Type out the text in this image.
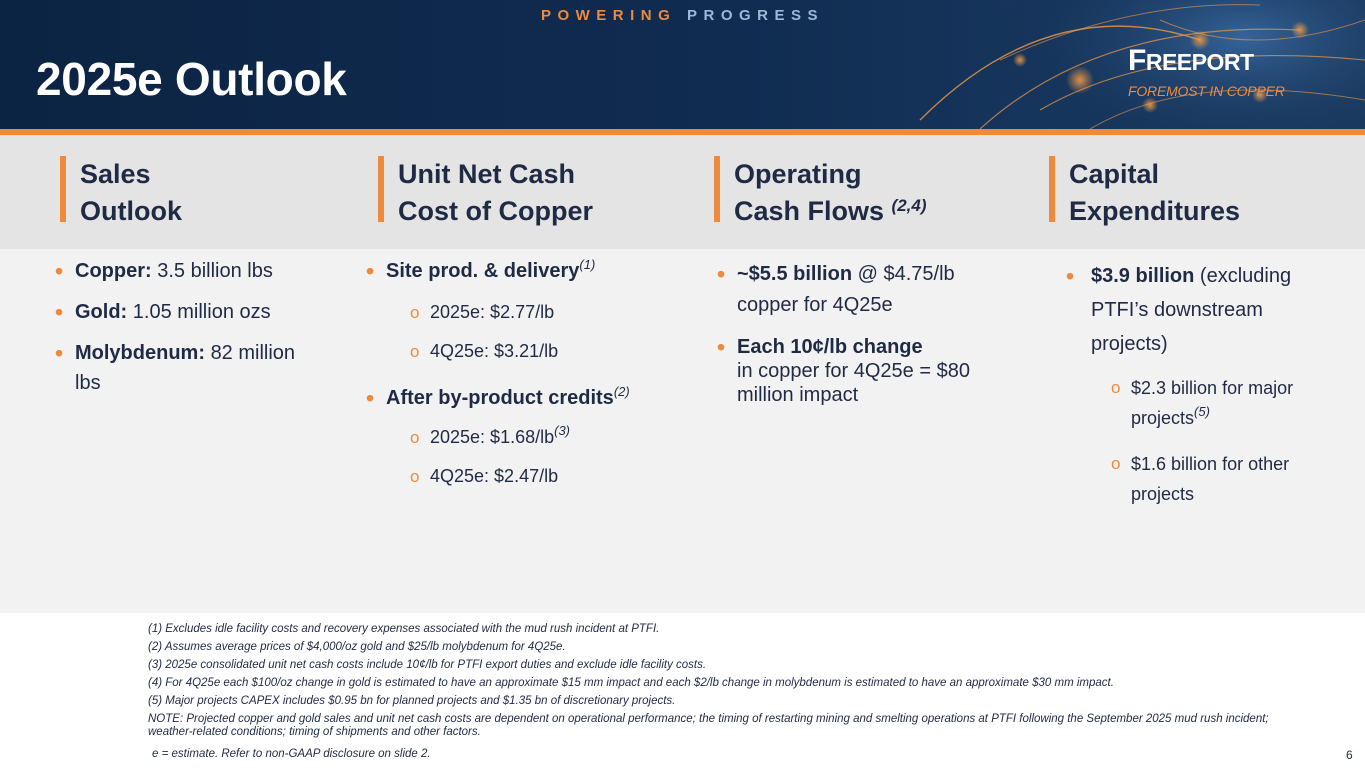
POWERING PROGRESS
2025e Outlook	FREEPORT
FOREMOST IN COPPER
Sales
Outlook
Unit Net Cash
Cost of Copper
Operating
Cash Flows $^{(2,4)}$
Capital
Expenditures
• Copper: 3.5 billion lbs
• Gold: 1.05 million ozs
• Molybdenum: 82 million lbs
• Site prod. & delivery$^{(1)}$
o 2025e: $2.77/lb
o 4Q25e: $3.21/lb
• After by-product credits$^{(2)}$
o 2025e: $\$1.68/lb^{(3)}$
o 4Q25e: $2.47/lb
• ~$5.5 billion @ $4.75/lb
copper for 4Q25e
• Each 10¢/lb change
in copper for 4Q25e = $80
million impact
• $3.9 billion (excluding
PTFI’s downstream
projects)
o $2.3 billion for major
projects$^{(5)}$
o $1.6 billion for other
projects

(1) Excludes idle facility costs and recovery expenses associated with the mud rush incident at PTFI.

(2) Assumes average prices of $4,000/oz gold and $25/lb molybdenum for 4Q25e.

(3) 2025e consolidated unit net cash costs include 10¢/lb for PTFI export duties and exclude idle facility costs.

(4) For 4Q25e each $100/oz change in gold is estimated to have an approximate $15 mm impact and each $2/lb change in molybdenum is estimated to have an approximate $30 mm impact.

(5) Major projects CAPEX includes $0.95 bn for planned projects and $1.35 bn of discretionary projects.

NOTE: Projected copper and gold sales and unit net cash costs are dependent on operational performance; the timing of restarting mining and smelting operations at PTFI following the September 2025 mud rush incident; weather-related conditions; timing of shipments and other factors.

e = estimate. Refer to non-GAAP disclosure on slide 2.	6
